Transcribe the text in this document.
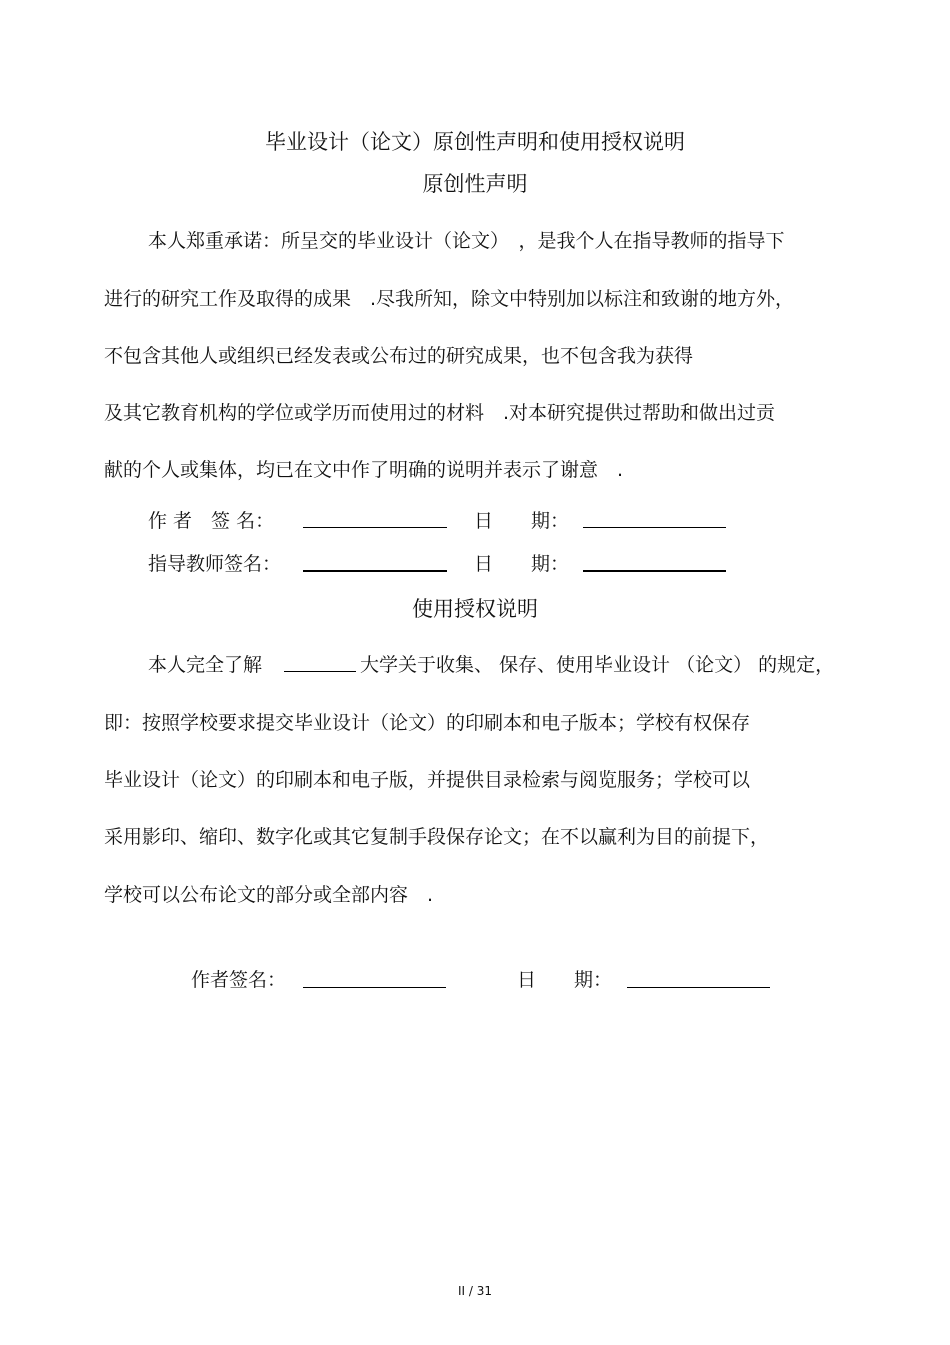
毕业设计（论文）原创性声明和使用授权说明
原创性声明
本人郑重承诺：所呈交的毕业设计（论文）　，是我个人在指导教师的指导下
进行的研究工作及取得的成果　.尽我所知，除文中特别加以标注和致谢的地方外，
不包含其他人或组织已经发表或公布过的研究成果，也不包含我为获得
及其它教育机构的学位或学历而使用过的材料　.对本研究提供过帮助和做出过贡
献的个人或集体，均已在文中作了明确的说明并表示了谢意　.
作 者　签 名：	日　　期：
指导教师签名：	日　　期：
使用授权说明
本人完全了解	大学关于收集、 保存、使用毕业设计 （论文） 的规定，
即：按照学校要求提交毕业设计（论文）的印刷本和电子版本；学校有权保存
毕业设计（论文）的印刷本和电子版，并提供目录检索与阅览服务；学校可以
采用影印、缩印、数字化或其它复制手段保存论文；在不以赢利为目的前提下，
学校可以公布论文的部分或全部内容　.
作者签名：	日　　期：
II / 31
